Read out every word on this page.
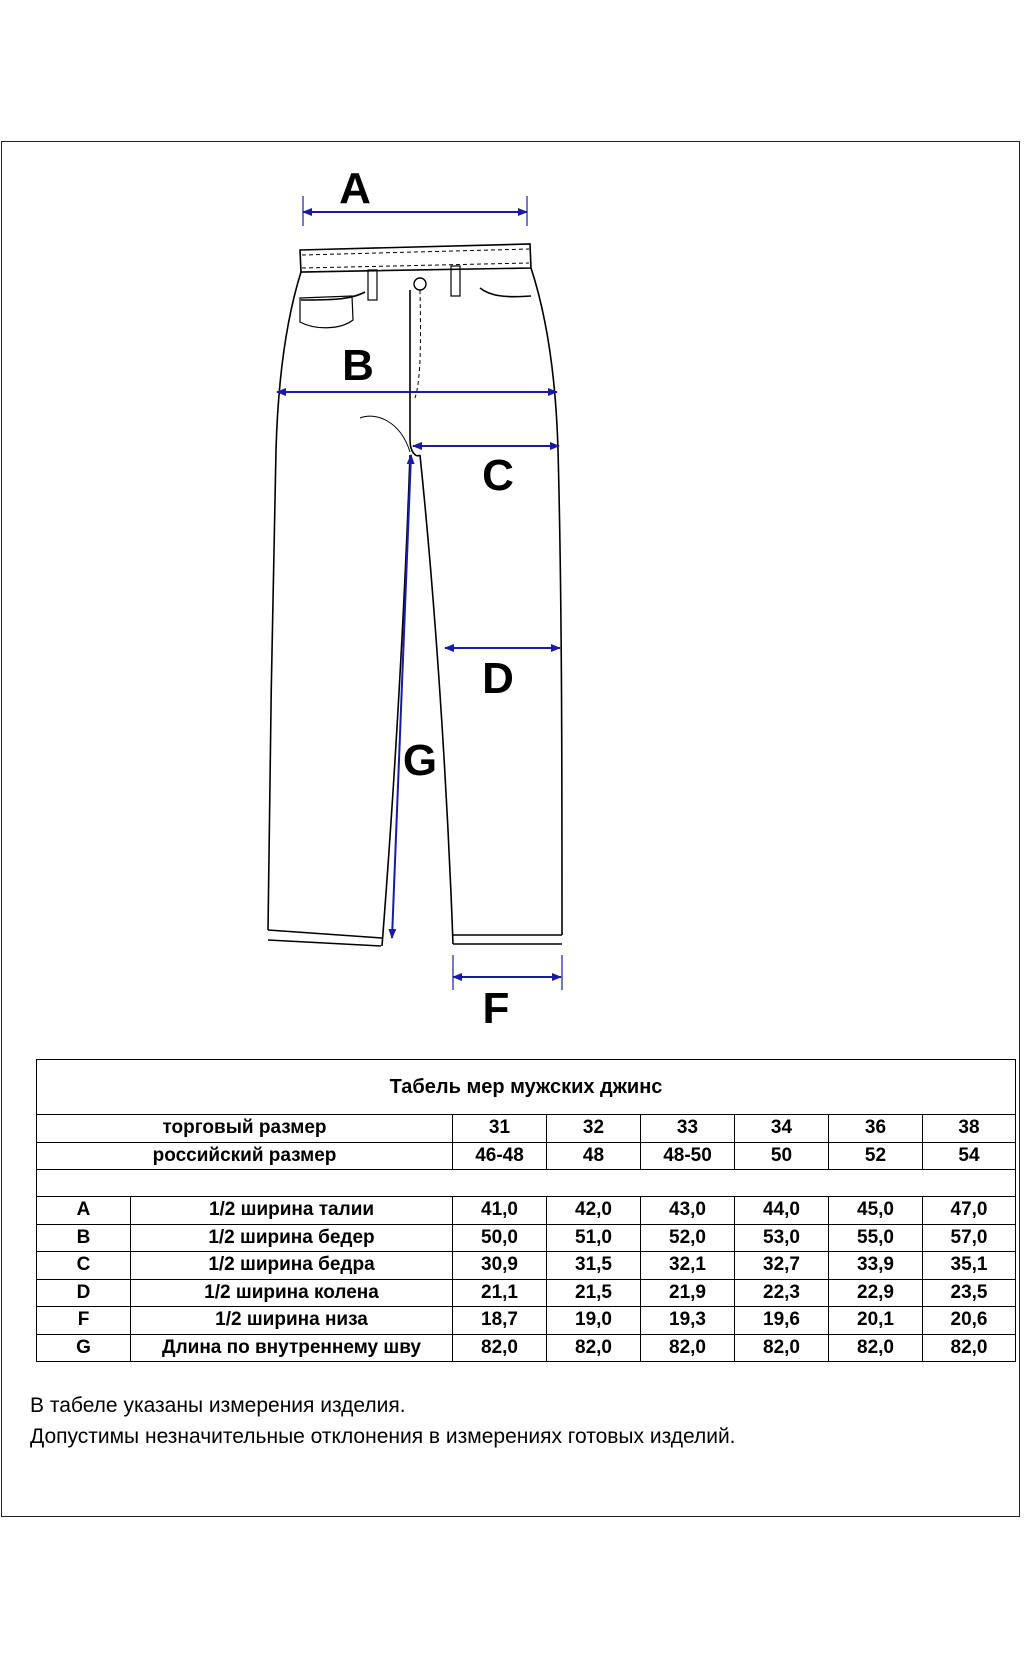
A
B
C
D
G
F
Табель мер мужских джинс							
торговый размер		31	32	33	34	36	38
российский размер		46-48	48	48-50	50	52	54

A	1/2 ширина талии	41,0	42,0	43,0	44,0	45,0	47,0
B	1/2 ширина бедер	50,0	51,0	52,0	53,0	55,0	57,0
C	1/2 ширина бедра	30,9	31,5	32,1	32,7	33,9	35,1
D	1/2 ширина колена	21,1	21,5	21,9	22,3	22,9	23,5
F	1/2 ширина низа	18,7	19,0	19,3	19,6	20,1	20,6
G	Длина по внутреннему шву	82,0	82,0	82,0	82,0	82,0	82,0
В табеле указаны измерения изделия.
Допустимы незначительные отклонения в измерениях готовых изделий.
